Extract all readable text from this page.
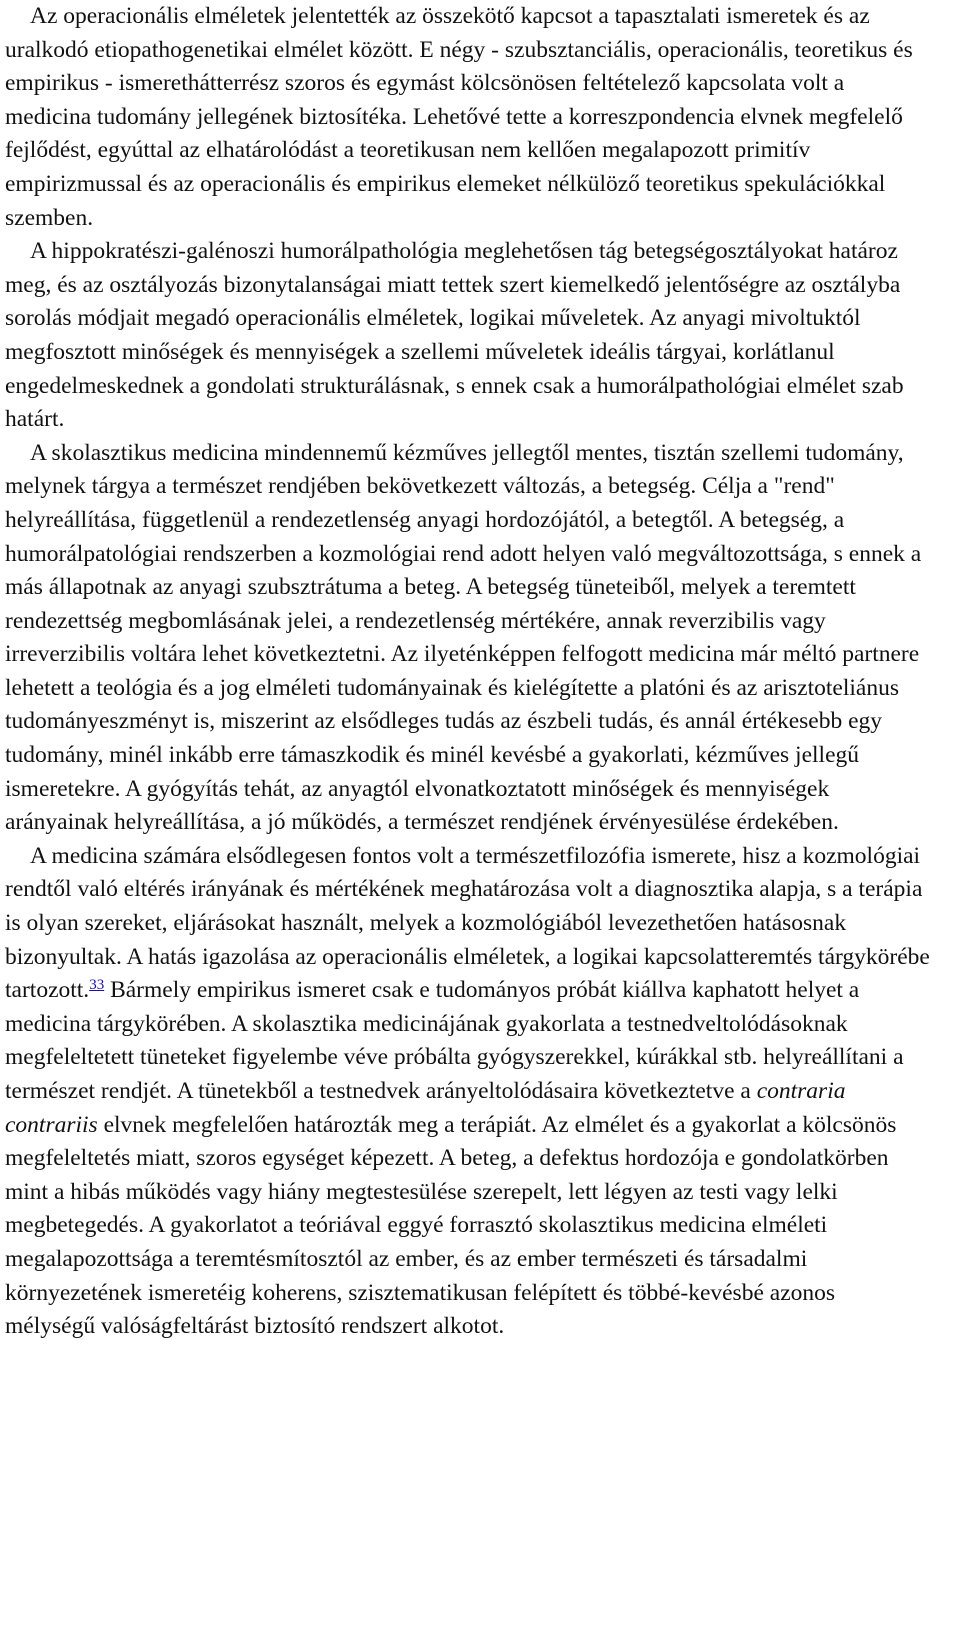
Az operacionális elméletek jelentették az összekötő kapcsot a tapasztalati ismeretek és az uralkodó etiopathogenetikai elmélet között. E négy - szubsztanciális, operacionális, teoretikus és empirikus - ismerethátterrész szoros és egymást kölcsönösen feltételező kapcsolata volt a medicina tudomány jellegének biztosítéka. Lehetővé tette a korreszpondencia elvnek megfelelő fejlődést, egyúttal az elhatárolódást a teoretikusan nem kellően megalapozott primitív empirizmussal és az operacionális és empirikus elemeket nélkülöző teoretikus spekulációkkal szemben.

A hippokratészi-galénoszi humorálpathológia meglehetősen tág betegségosztályokat határoz meg, és az osztályozás bizonytalanságai miatt tettek szert kiemelkedő jelentőségre az osztályba sorolás módjait megadó operacionális elméletek, logikai műveletek. Az anyagi mivoltuktól megfosztott minőségek és mennyiségek a szellemi műveletek ideális tárgyai, korlátlanul engedelmeskednek a gondolati strukturálásnak, s ennek csak a humorálpathológiai elmélet szab határt.

A skolasztikus medicina mindennemű kézműves jellegtől mentes, tisztán szellemi tudomány, melynek tárgya a természet rendjében bekövetkezett változás, a betegség. Célja a "rend" helyreállítása, függetlenül a rendezetlenség anyagi hordozójától, a betegtől. A betegség, a humorálpatológiai rendszerben a kozmológiai rend adott helyen való megváltozottsága, s ennek a más állapotnak az anyagi szubsztrátuma a beteg. A betegség tüneteiből, melyek a teremtett rendezettség megbomlásának jelei, a rendezetlenség mértékére, annak reverzibilis vagy irreverzibilis voltára lehet következtetni. Az ilyeténképpen felfogott medicina már méltó partnere lehetett a teológia és a jog elméleti tudományainak és kielégítette a platóni és az arisztoteliánus tudományeszményt is, miszerint az elsődleges tudás az észbeli tudás, és annál értékesebb egy tudomány, minél inkább erre támaszkodik és minél kevésbé a gyakorlati, kézműves jellegű ismeretekre. A gyógyítás tehát, az anyagtól elvonatkoztatott minőségek és mennyiségek arányainak helyreállítása, a jó működés, a természet rendjének érvényesülése érdekében.

A medicina számára elsődlegesen fontos volt a természetfilozófia ismerete, hisz a kozmológiai rendtől való eltérés irányának és mértékének meghatározása volt a diagnosztika alapja, s a terápia is olyan szereket, eljárásokat használt, melyek a kozmológiából levezethetően hatásosnak bizonyultak. A hatás igazolása az operacionális elméletek, a logikai kapcsolatteremtés tárgykörébe tartozott.$^{33}$ Bármely empirikus ismeret csak e tudományos próbát kiállva kaphatott helyet a medicina tárgykörében. A skolasztika medicinájának gyakorlata a testnedveltolódásoknak megfeleltetett tüneteket figyelembe véve próbálta gyógyszerekkel, kúrákkal stb. helyreállítani a természet rendjét. A tünetekből a testnedvek arányeltolódásaira következtetve a contraria contrariis elvnek megfelelően határozták meg a terápiát. Az elmélet és a gyakorlat a kölcsönös megfeleltetés miatt, szoros egységet képezett. A beteg, a defektus hordozója e gondolatkörben mint a hibás működés vagy hiány megtestesülése szerepelt, lett légyen az testi vagy lelki megbetegedés. A gyakorlatot a teóriával eggyé forrasztó skolasztikus medicina elméleti megalapozottsága a teremtésmítosztól az ember, és az ember természeti és társadalmi környezetének ismeretéig koherens, szisztematikusan felépített és többé-kevésbé azonos mélységű valóságfeltárást biztosító rendszert alkotot.
